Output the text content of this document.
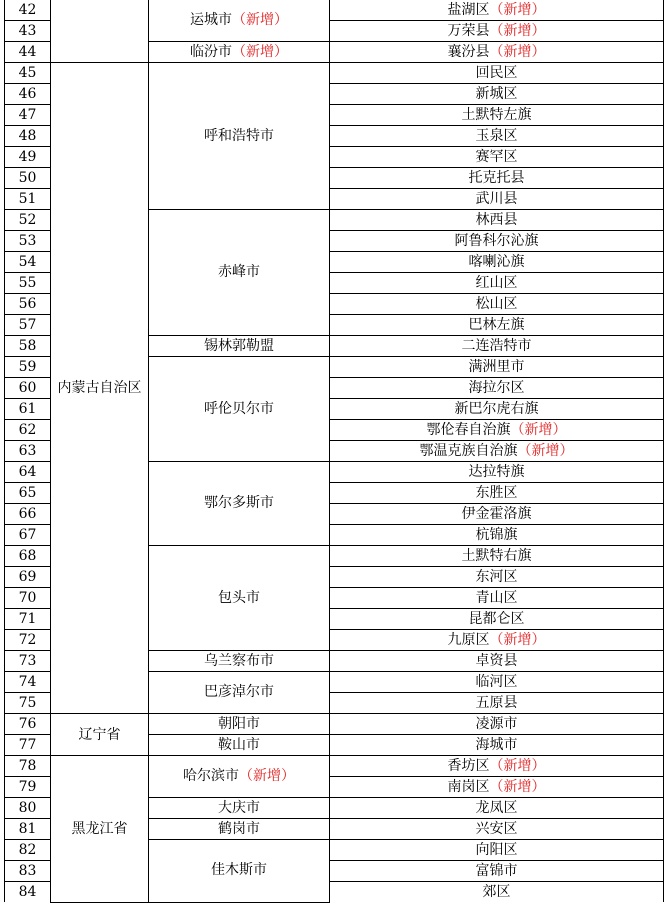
42		运城市（新增）	盐湖区（新增）
43			万荣县（新增）
44		临汾市（新增）	襄汾县（新增）
45	内蒙古自治区	呼和浩特市	回民区
46			新城区
47			土默特左旗
48			玉泉区
49			赛罕区
50			托克托县
51			武川县
52		赤峰市	林西县
53			阿鲁科尔沁旗
54			喀喇沁旗
55			红山区
56			松山区
57			巴林左旗
58		锡林郭勒盟	二连浩特市
59		呼伦贝尔市	满洲里市
60			海拉尔区
61			新巴尔虎右旗
62			鄂伦春自治旗（新增）
63			鄂温克族自治旗（新增）
64		鄂尔多斯市	达拉特旗
65			东胜区
66			伊金霍洛旗
67			杭锦旗
68		包头市	土默特右旗
69			东河区
70			青山区
71			昆都仑区
72			九原区（新增）
73		乌兰察布市	卓资县
74		巴彦淖尔市	临河区
75			五原县
76	辽宁省	朝阳市	凌源市
77		鞍山市	海城市
78	黑龙江省	哈尔滨市（新增）	香坊区（新增）
79			南岗区（新增）
80		大庆市	龙凤区
81		鹤岗市	兴安区
82		佳木斯市	向阳区
83			富锦市
84			郊区
